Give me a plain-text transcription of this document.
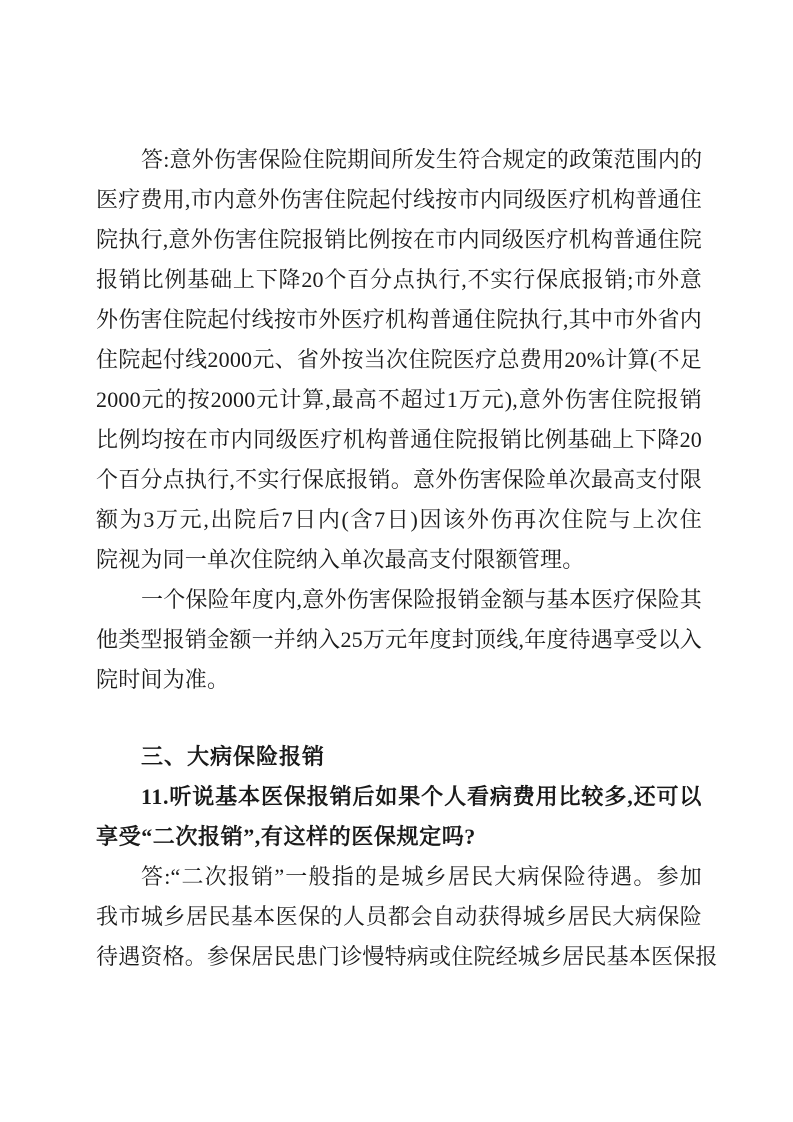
答:意外伤害保险住院期间所发生符合规定的政策范围内的
医疗费用,市内意外伤害住院起付线按市内同级医疗机构普通住
院执行,意外伤害住院报销比例按在市内同级医疗机构普通住院
报销比例基础上下降20个百分点执行,不实行保底报销;市外意
外伤害住院起付线按市外医疗机构普通住院执行,其中市外省内
住院起付线2000元、省外按当次住院医疗总费用20%计算(不足
2000元的按2000元计算,最高不超过1万元),意外伤害住院报销
比例均按在市内同级医疗机构普通住院报销比例基础上下降20
个百分点执行,不实行保底报销。意外伤害保险单次最高支付限
额为3万元,出院后7日内(含7日)因该外伤再次住院与上次住
院视为同一单次住院纳入单次最高支付限额管理。
一个保险年度内,意外伤害保险报销金额与基本医疗保险其
他类型报销金额一并纳入25万元年度封顶线,年度待遇享受以入
院时间为准。
三、大病保险报销
11.听说基本医保报销后如果个人看病费用比较多,还可以
享受“二次报销”,有这样的医保规定吗?
答:“二次报销”一般指的是城乡居民大病保险待遇。参加
我市城乡居民基本医保的人员都会自动获得城乡居民大病保险
待遇资格。参保居民患门诊慢特病或住院经城乡居民基本医保报
